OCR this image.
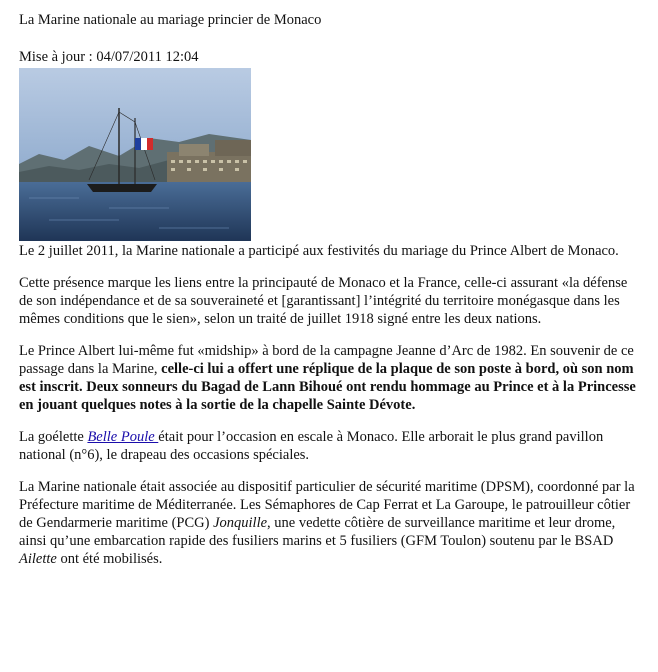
La Marine nationale au mariage princier de Monaco
Mise à jour : 04/07/2011 12:04

Le 2 juillet 2011, la Marine nationale a participé aux festivités du mariage du Prince Albert de Monaco.

Cette présence marque les liens entre la principauté de Monaco et la France, celle-ci assurant «la défense de son indépendance et de sa souveraineté et [garantissant] l’intégrité du territoire monégasque dans les mêmes conditions que le sien», selon un traité de juillet 1918 signé entre les deux nations.

Le Prince Albert lui-même fut «midship» à bord de la campagne Jeanne d’Arc de 1982. En souvenir de ce passage dans la Marine, celle-ci lui a offert une réplique de la plaque de son poste à bord, où son nom est inscrit. Deux sonneurs du Bagad de Lann Bihoué ont rendu hommage au Prince et à la Princesse en jouant quelques notes à la sortie de la chapelle Sainte Dévote.

La goélette Belle Poule était pour l’occasion en escale à Monaco. Elle arborait le plus grand pavillon national (n°6), le drapeau des occasions spéciales.

La Marine nationale était associée au dispositif particulier de sécurité maritime (DPSM), coordonné par la Préfecture maritime de Méditerranée. Les Sémaphores de Cap Ferrat et La Garoupe, le patrouilleur côtier de Gendarmerie maritime (PCG) Jonquille, une vedette côtière de surveillance maritime et leur drome, ainsi qu’une embarcation rapide des fusiliers marins et 5 fusiliers (GFM Toulon) soutenu par le BSAD Ailette ont été mobilisés.
